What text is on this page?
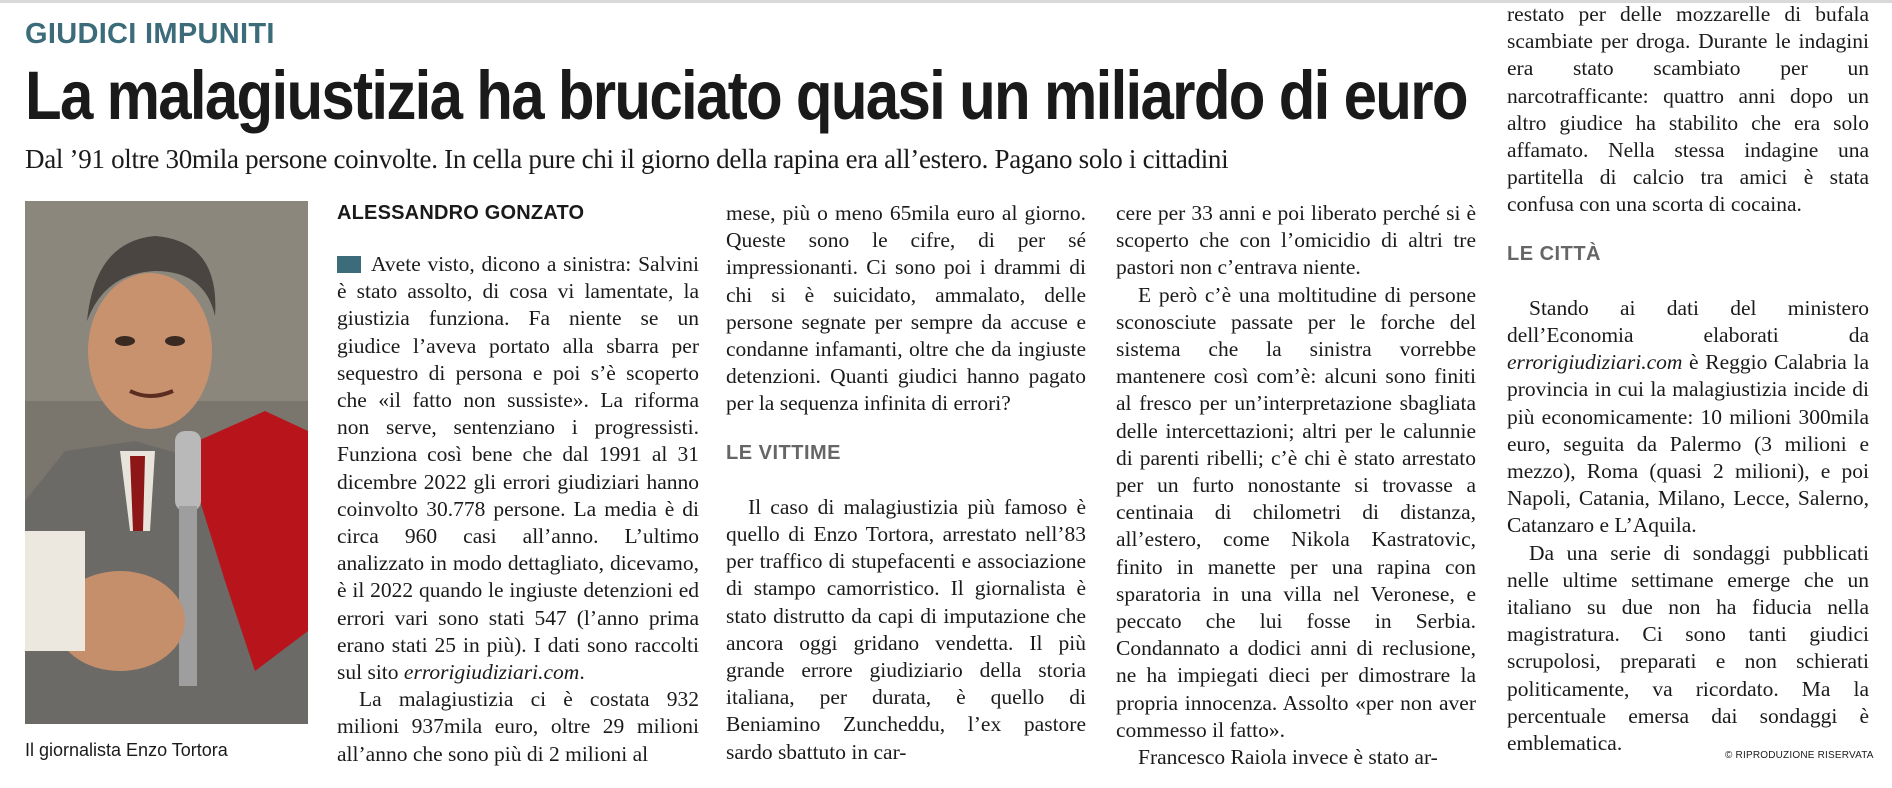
GIUDICI IMPUNITI
La malagiustizia ha bruciato quasi un miliardo di euro
Dal ’91 oltre 30mila persone coinvolte. In cella pure chi il giorno della rapina era all’estero. Pagano solo i cittadini
Il giornalista Enzo Tortora
ALESSANDRO GONZATO

Avete visto, dicono a sinistra: Salvini è stato assolto, di cosa vi lamentate, la giustizia funziona. Fa niente se un giudice l’aveva portato alla sbarra per sequestro di persona e poi s’è scoperto che «il fatto non sussiste». La riforma non serve, sentenziano i progressisti. Funziona così bene che dal 1991 al 31 dicembre 2022 gli errori giudiziari hanno coinvolto 30.778 persone. La media è di circa 960 casi all’anno. L’ultimo analizzato in modo dettagliato, dicevamo, è il 2022 quando le ingiuste detenzioni ed errori vari sono stati 547 (l’anno prima erano stati 25 in più). I dati sono raccolti sul sito errorigiudiziari.com.

La malagiustizia ci è costata 932 milioni 937mila euro, oltre 29 milioni all’anno che sono più di 2 milioni al

mese, più o meno 65mila euro al giorno. Queste sono le cifre, di per sé impressionanti. Ci sono poi i drammi di chi si è suicidato, ammalato, delle persone segnate per sempre da accuse e condanne infamanti, oltre che da ingiuste detenzioni. Quanti giudici hanno pagato per la sequenza infinita di errori?

LE VITTIME

Il caso di malagiustizia più famoso è quello di Enzo Tortora, arrestato nell’83 per traffico di stupefacenti e associazione di stampo camorristico. Il giornalista è stato distrutto da capi di imputazione che ancora oggi gridano vendetta. Il più grande errore giudiziario della storia italiana, per durata, è quello di Beniamino Zuncheddu, l’ex pastore sardo sbattuto in car-

cere per 33 anni e poi liberato perché si è scoperto che con l’omicidio di altri tre pastori non c’entrava niente.

E però c’è una moltitudine di persone sconosciute passate per le forche del sistema che la sinistra vorrebbe mantenere così com’è: alcuni sono finiti al fresco per un’interpretazione sbagliata delle intercettazioni; altri per le calunnie di parenti ribelli; c’è chi è stato arrestato per un furto nonostante si trovasse a centinaia di chilometri di distanza, all’estero, come Nikola Kastratovic, finito in manette per una rapina con sparatoria in una villa nel Veronese, e peccato che lui fosse in Serbia. Condannato a dodici anni di reclusione, ne ha impiegati dieci per dimostrare la propria innocenza. Assolto «per non aver commesso il fatto».

Francesco Raiola invece è stato ar-

restato per delle mozzarelle di bufala scambiate per droga. Durante le indagini era stato scambiato per un narcotrafficante: quattro anni dopo un altro giudice ha stabilito che era solo affamato. Nella stessa indagine una partitella di calcio tra amici è stata confusa con una scorta di cocaina.

LE CITTÀ

Stando ai dati del ministero dell’Economia elaborati da errorigiudiziari.com è Reggio Calabria la provincia in cui la malagiustizia incide di più economicamente: 10 milioni 300mila euro, seguita da Palermo (3 milioni e mezzo), Roma (quasi 2 milioni), e poi Napoli, Catania, Milano, Lecce, Salerno, Catanzaro e L’Aquila.

Da una serie di sondaggi pubblicati nelle ultime settimane emerge che un italiano su due non ha fiducia nella magistratura. Ci sono tanti giudici scrupolosi, preparati e non schierati politicamente, va ricordato. Ma la percentuale emersa dai sondaggi è emblematica.

© RIPRODUZIONE RISERVATA
